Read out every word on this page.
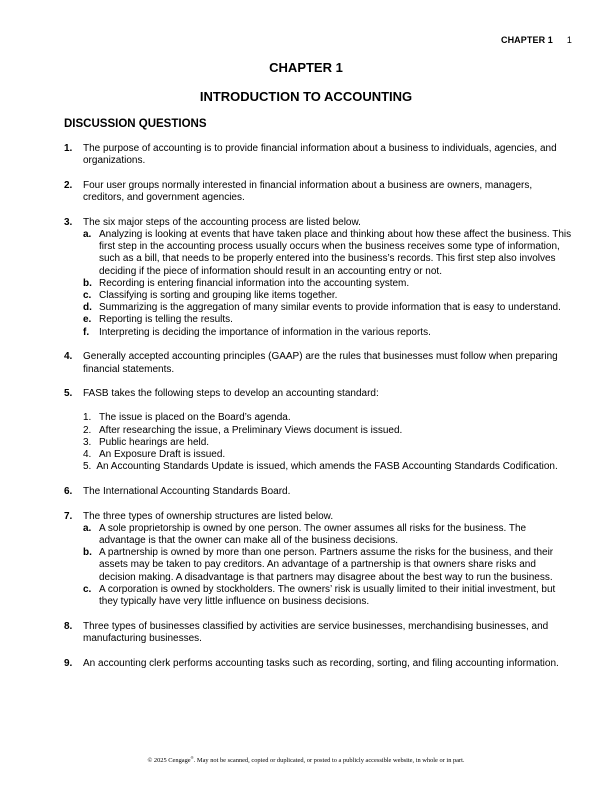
CHAPTER 1 1
CHAPTER 1
INTRODUCTION TO ACCOUNTING
DISCUSSION QUESTIONS
1. The purpose of accounting is to provide financial information about a business to individuals, agencies, and organizations.
2. Four user groups normally interested in financial information about a business are owners, managers, creditors, and government agencies.
3. The six major steps of the accounting process are listed below.
a. Analyzing is looking at events that have taken place and thinking about how these affect the business. This first step in the accounting process usually occurs when the business receives some type of information, such as a bill, that needs to be properly entered into the business’s records. This first step also involves deciding if the piece of information should result in an accounting entry or not.
b. Recording is entering financial information into the accounting system.
c. Classifying is sorting and grouping like items together.
d. Summarizing is the aggregation of many similar events to provide information that is easy to understand.
e. Reporting is telling the results.
f. Interpreting is deciding the importance of information in the various reports.
4. Generally accepted accounting principles (GAAP) are the rules that businesses must follow when preparing financial statements.
5. FASB takes the following steps to develop an accounting standard:
1. The issue is placed on the Board’s agenda.
2. After researching the issue, a Preliminary Views document is issued.
3. Public hearings are held.
4. An Exposure Draft is issued.
5. An Accounting Standards Update is issued, which amends the FASB Accounting Standards Codification.
6. The International Accounting Standards Board.
7. The three types of ownership structures are listed below.
a. A sole proprietorship is owned by one person. The owner assumes all risks for the business. The advantage is that the owner can make all of the business decisions.
b. A partnership is owned by more than one person. Partners assume the risks for the business, and their assets may be taken to pay creditors. An advantage of a partnership is that owners share risks and decision making. A disadvantage is that partners may disagree about the best way to run the business.
c. A corporation is owned by stockholders. The owners’ risk is usually limited to their initial investment, but they typically have very little influence on business decisions.
8. Three types of businesses classified by activities are service businesses, merchandising businesses, and manufacturing businesses.
9. An accounting clerk performs accounting tasks such as recording, sorting, and filing accounting information.
© 2025 Cengage®. May not be scanned, copied or duplicated, or posted to a publicly accessible website, in whole or in part.
